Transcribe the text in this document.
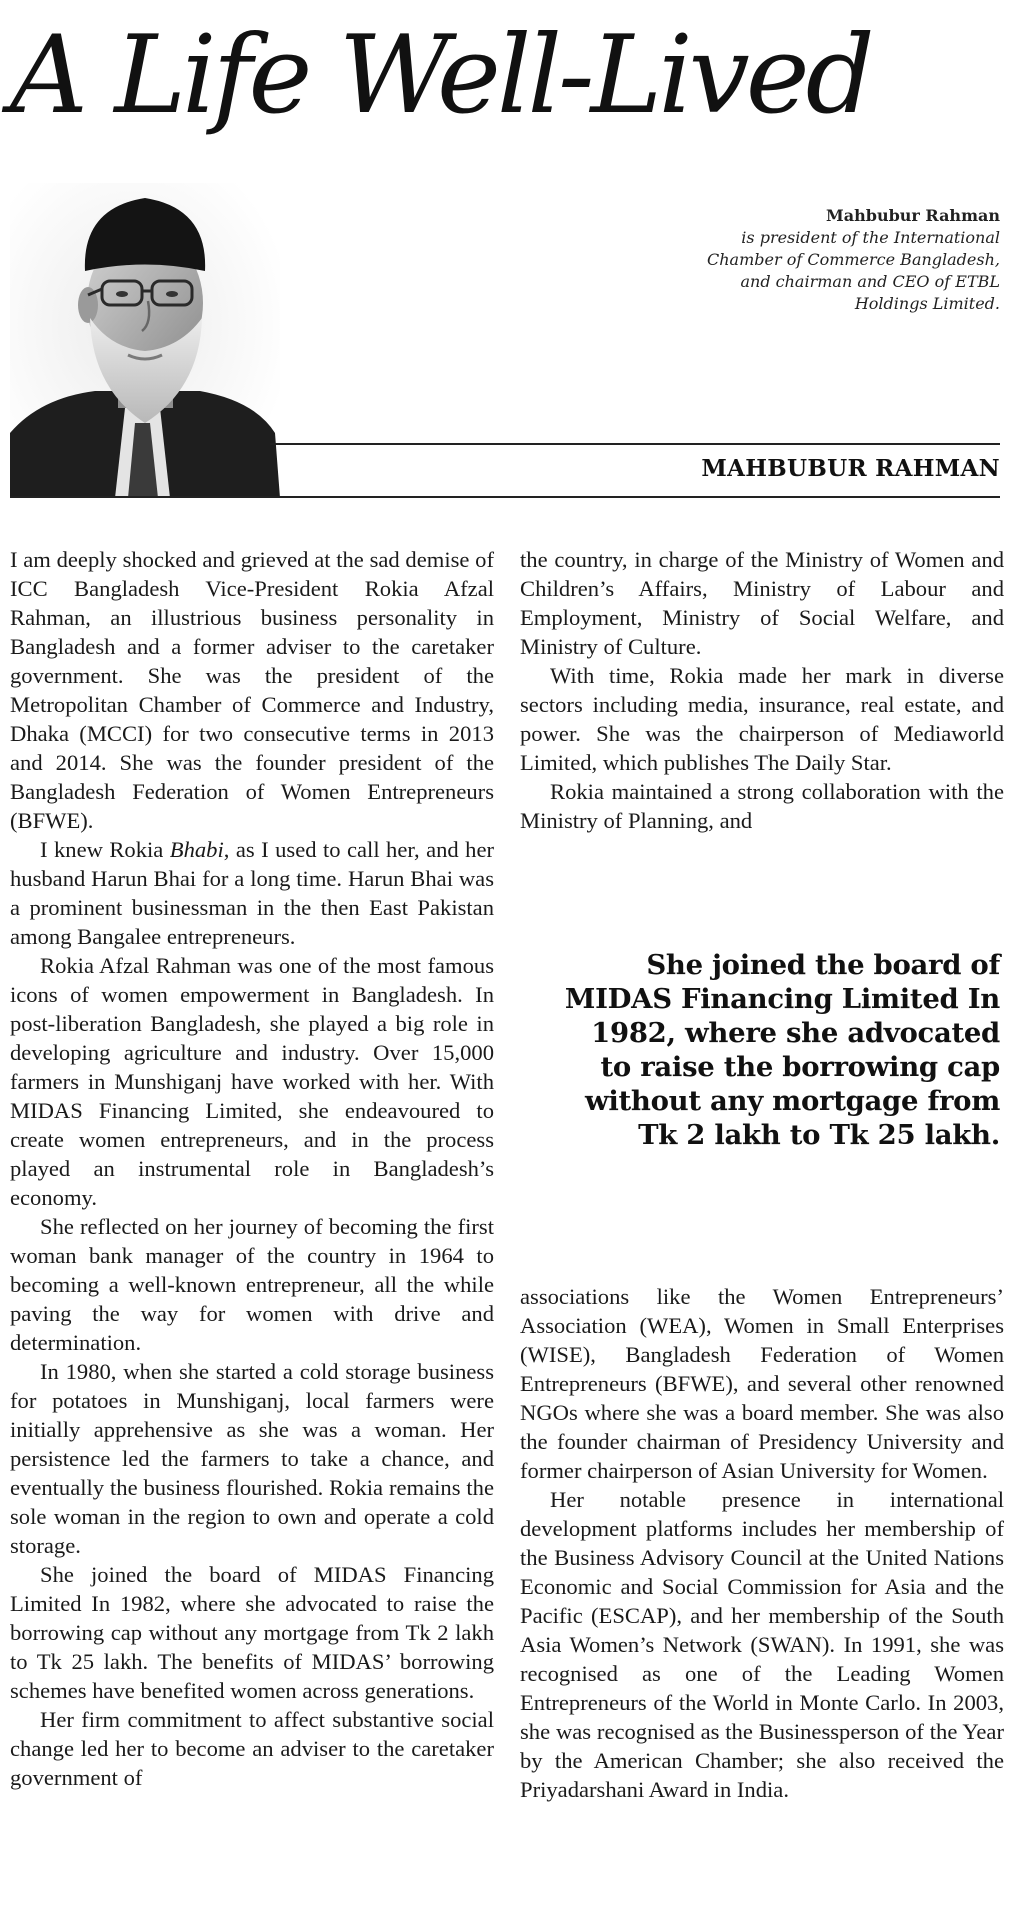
A Life Well-Lived
Mahbubur Rahman
is president of the International
Chamber of Commerce Bangladesh,
and chairman and CEO of ETBL
Holdings Limited.
MAHBUBUR RAHMAN

I am deeply shocked and grieved at the sad demise of ICC Bangladesh Vice-President Rokia Afzal Rahman, an illustrious business personality in Bangladesh and a former adviser to the caretaker government. She was the president of the Metropolitan Chamber of Commerce and Industry, Dhaka (MCCI) for two consecutive terms in 2013 and 2014. She was the founder president of the Bangladesh Federation of Women Entrepreneurs (BFWE).

I knew Rokia Bhabi, as I used to call her, and her husband Harun Bhai for a long time. Harun Bhai was a prominent businessman in the then East Pakistan among Bangalee entrepreneurs.

Rokia Afzal Rahman was one of the most famous icons of women empowerment in Bangladesh. In post-liberation Bangladesh, she played a big role in developing agriculture and industry. Over 15,000 farmers in Munshiganj have worked with her. With MIDAS Financing Limited, she endeavoured to create women entrepreneurs, and in the process played an instrumental role in Bangladesh’s economy.

She reflected on her journey of becoming the first woman bank manager of the country in 1964 to becoming a well-known entrepreneur, all the while paving the way for women with drive and determination.

In 1980, when she started a cold storage business for potatoes in Munshiganj, local farmers were initially apprehensive as she was a woman. Her persistence led the farmers to take a chance, and eventually the business flourished. Rokia remains the sole woman in the region to own and operate a cold storage.

She joined the board of MIDAS Financing Limited In 1982, where she advocated to raise the borrowing cap without any mortgage from Tk 2 lakh to Tk 25 lakh. The benefits of MIDAS’ borrowing schemes have benefited women across generations.

Her firm commitment to affect substantive social change led her to become an adviser to the caretaker government of

the country, in charge of the Ministry of Women and Children’s Affairs, Ministry of Labour and Employment, Ministry of Social Welfare, and Ministry of Culture.

With time, Rokia made her mark in diverse sectors including media, insurance, real estate, and power. She was the chairperson of Mediaworld Limited, which publishes The Daily Star.

Rokia maintained a strong collaboration with the Ministry of Planning, and

She joined the board of MIDAS Financing Limited In 1982, where she advocated to raise the borrowing cap without any mortgage from Tk 2 lakh to Tk 25 lakh.

associations like the Women Entrepreneurs’ Association (WEA), Women in Small Enterprises (WISE), Bangladesh Federation of Women Entrepreneurs (BFWE), and several other renowned NGOs where she was a board member. She was also the founder chairman of Presidency University and former chairperson of Asian University for Women.

Her notable presence in international development platforms includes her membership of the Business Advisory Council at the United Nations Economic and Social Commission for Asia and the Pacific (ESCAP), and her membership of the South Asia Women’s Network (SWAN). In 1991, she was recognised as one of the Leading Women Entrepreneurs of the World in Monte Carlo. In 2003, she was recognised as the Businessperson of the Year by the American Chamber; she also received the Priyadarshani Award in India.
